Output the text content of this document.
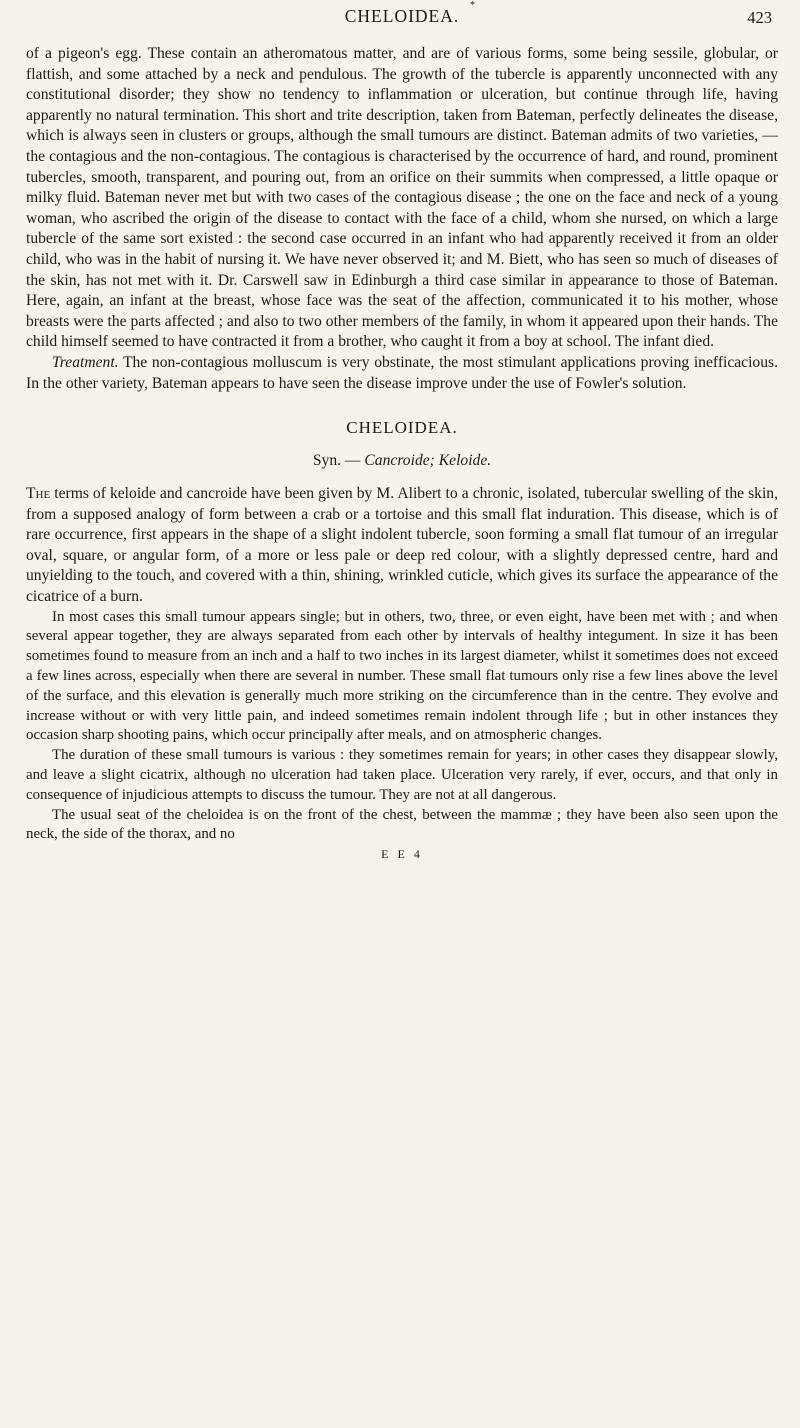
*
CHELOIDEA.	423

of a pigeon's egg. These contain an atheromatous matter, and are of various forms, some being sessile, globular, or flattish, and some attached by a neck and pendulous. The growth of the tubercle is apparently unconnected with any constitutional disorder; they show no tendency to inflammation or ulceration, but continue through life, having apparently no natural termination. This short and trite description, taken from Bateman, perfectly delineates the disease, which is always seen in clusters or groups, although the small tumours are distinct. Bateman admits of two varieties, — the contagious and the non-contagious. The contagious is characterised by the occurrence of hard, and round, prominent tubercles, smooth, transparent, and pouring out, from an orifice on their summits when compressed, a little opaque or milky fluid. Bateman never met but with two cases of the contagious disease ; the one on the face and neck of a young woman, who ascribed the origin of the disease to contact with the face of a child, whom she nursed, on which a large tubercle of the same sort existed : the second case occurred in an infant who had apparently received it from an older child, who was in the habit of nursing it. We have never observed it; and M. Biett, who has seen so much of diseases of the skin, has not met with it. Dr. Carswell saw in Edinburgh a third case similar in appearance to those of Bateman. Here, again, an infant at the breast, whose face was the seat of the affection, communicated it to his mother, whose breasts were the parts affected ; and also to two other members of the family, in whom it appeared upon their hands. The child himself seemed to have contracted it from a brother, who caught it from a boy at school. The infant died.

Treatment. The non-contagious molluscum is very obstinate, the most stimulant applications proving inefficacious. In the other variety, Bateman appears to have seen the disease improve under the use of Fowler's solution.

CHELOIDEA.
Syn. — Cancroide; Keloide.

The terms of keloide and cancroide have been given by M. Alibert to a chronic, isolated, tubercular swelling of the skin, from a supposed analogy of form between a crab or a tortoise and this small flat induration. This disease, which is of rare occurrence, first appears in the shape of a slight indolent tubercle, soon forming a small flat tumour of an irregular oval, square, or angular form, of a more or less pale or deep red colour, with a slightly depressed centre, hard and unyielding to the touch, and covered with a thin, shining, wrinkled cuticle, which gives its surface the appearance of the cicatrice of a burn.

In most cases this small tumour appears single; but in others, two, three, or even eight, have been met with ; and when several appear together, they are always separated from each other by intervals of healthy integument. In size it has been sometimes found to measure from an inch and a half to two inches in its largest diameter, whilst it sometimes does not exceed a few lines across, especially when there are several in number. These small flat tumours only rise a few lines above the level of the surface, and this elevation is generally much more striking on the circumference than in the centre. They evolve and increase without or with very little pain, and indeed sometimes remain indolent through life ; but in other instances they occasion sharp shooting pains, which occur principally after meals, and on atmospheric changes.

The duration of these small tumours is various : they sometimes remain for years; in other cases they disappear slowly, and leave a slight cicatrix, although no ulceration had taken place. Ulceration very rarely, if ever, occurs, and that only in consequence of injudicious attempts to discuss the tumour. They are not at all dangerous.

The usual seat of the cheloidea is on the front of the chest, between the mammæ ; they have been also seen upon the neck, the side of the thorax, and no

E E 4
